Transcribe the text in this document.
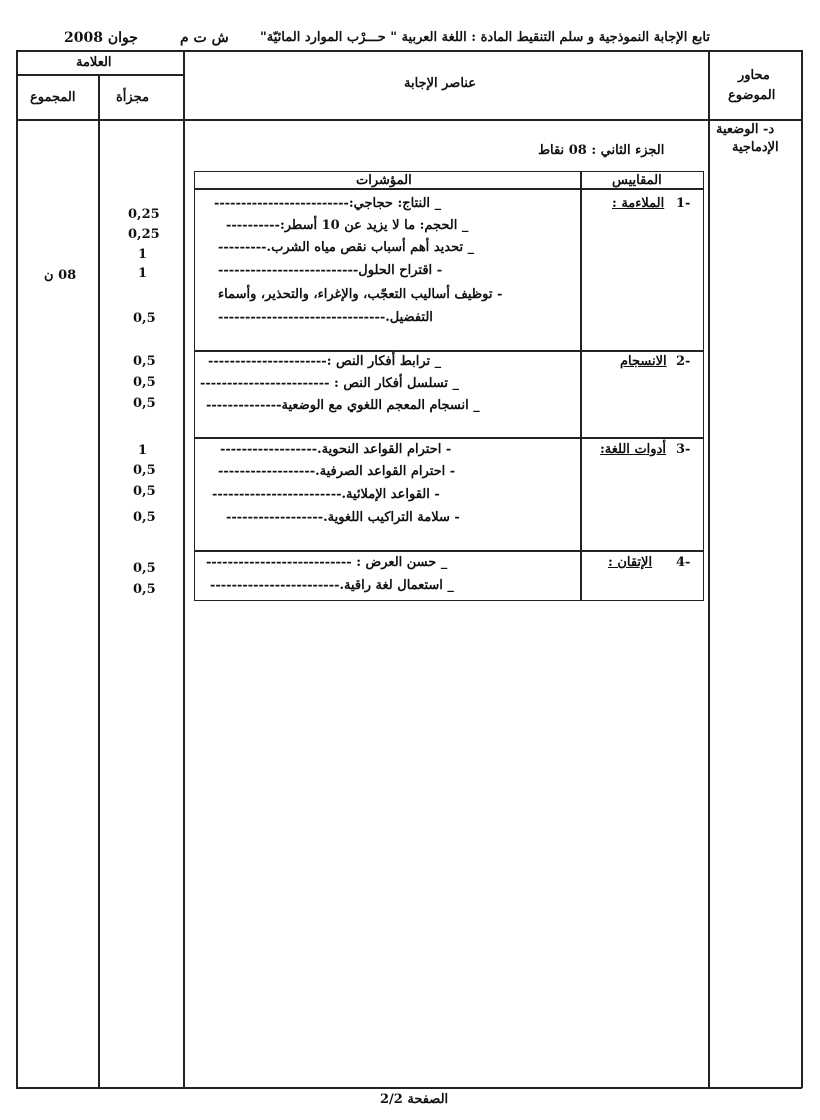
جوان 2008	ش ت م تابع الإجابة النموذجية و سلم التنقيط المادة : اللغة العربية " حـــرْب الموارد المائيّة"
العلامة
المجموع	مجزأة
عناصر الإجابة
محاور
الموضوع
د- الوضعية
الإدماجية
الجزء الثاني : 08 نقاط
08 ن
المقاييس
المؤشرات
1-
الملاءمة :
_ النتاج: حجاجي:-------------------------
_ الحجم: ما لا يزيد عن 10 أسطر:----------
_ تحديد أهم أسباب نقص مياه الشرب.---------
- اقتراح الحلول--------------------------
- توظيف أساليب التعجّب، والإغراء، والتحذير، وأسماء
التفضيل.-------------------------------
0,25
0,25
1
1
0,5
2-
الانسجام
_ ترابط أفكار النص :----------------------
_ تسلسل أفكار النص : ------------------------
_ انسجام المعجم اللغوي مع الوضعية--------------
0,5
0,5
0,5
3-
أدوات اللغة:
- احترام القواعد النحوية.------------------
- احترام القواعد الصرفية.------------------
- القواعد الإملائية.------------------------
- سلامة التراكيب اللغوية.------------------
1
0,5
0,5
0,5
4-
الإتقان :
_ حسن العرض : ---------------------------
_ استعمال لغة راقية.------------------------
0,5
0,5
الصفحة 2/2
